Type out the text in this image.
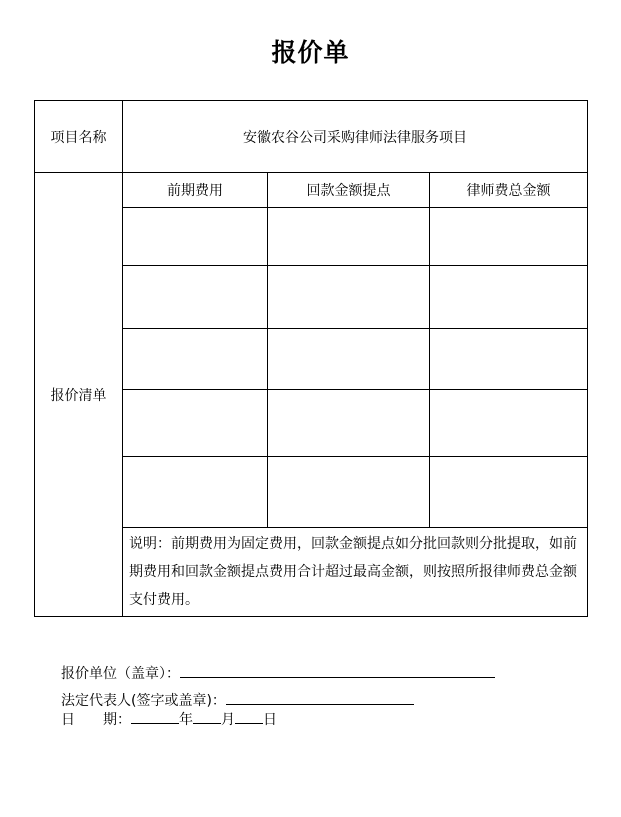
报价单
项目名称	安徽农谷公司采购律师法律服务项目		
报价清单	前期费用	回款金额提点	律师费总金额

	说明：前期费用为固定费用，回款金额提点如分批回款则分批提取，如前期费用和回款金额提点费用合计超过最高金额，则按照所报律师费总金额支付费用。		
报价单位（盖章）：
法定代表人(签字或盖章)：
日　　期：	年 月 日
